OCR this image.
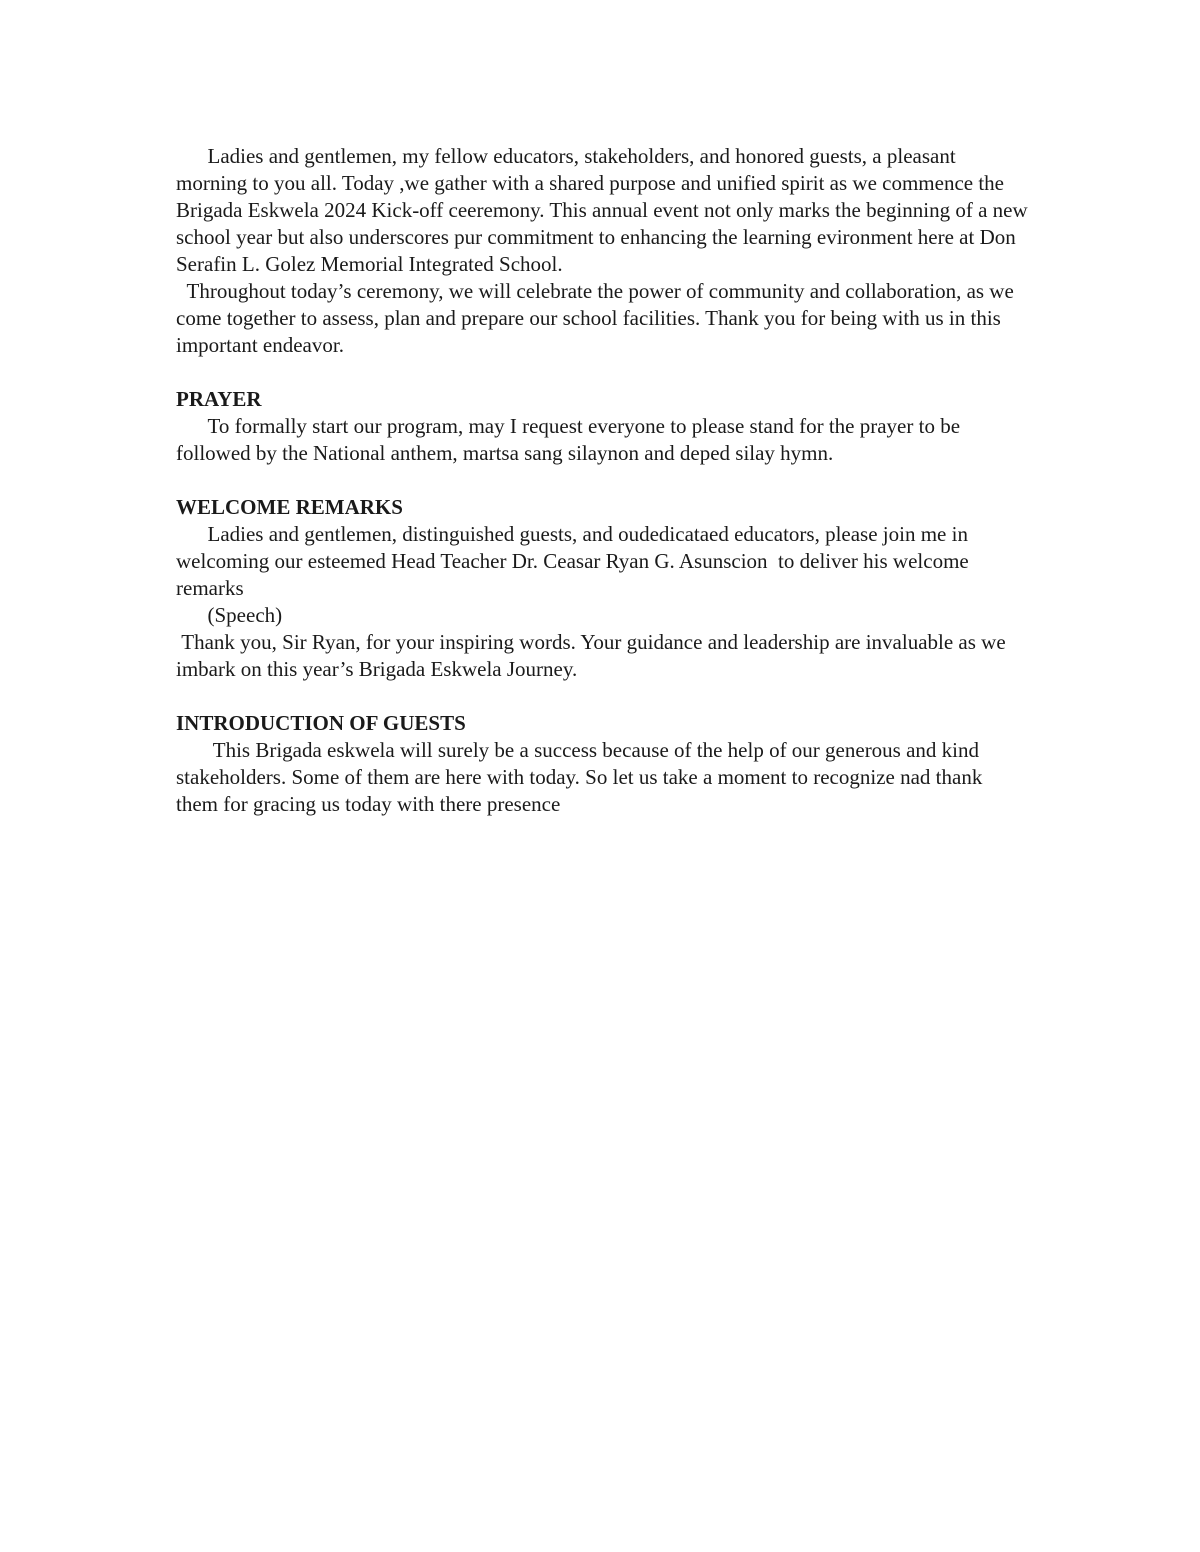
Ladies and gentlemen, my fellow educators, stakeholders, and honored guests, a pleasant morning to you all. Today ,we gather with a shared purpose and unified spirit as we commence the Brigada Eskwela 2024 Kick-off ceeremony. This annual event not only marks the beginning of a new school year but also underscores pur commitment to enhancing the learning evironment here at Don Serafin L. Golez Memorial Integrated School.

Throughout today’s ceremony, we will celebrate the power of community and collaboration, as we come together to assess, plan and prepare our school facilities. Thank you for being with us in this important endeavor.

PRAYER

To formally start our program, may I request everyone to please stand for the prayer to be followed by the National anthem, martsa sang silaynon and deped silay hymn.

WELCOME REMARKS

Ladies and gentlemen, distinguished guests, and oudedicataed educators, please join me in welcoming our esteemed Head Teacher Dr. Ceasar Ryan G. Asunscion  to deliver his welcome remarks

(Speech)

Thank you, Sir Ryan, for your inspiring words. Your guidance and leadership are invaluable as we imbark on this year’s Brigada Eskwela Journey.

INTRODUCTION OF GUESTS

This Brigada eskwela will surely be a success because of the help of our generous and kind stakeholders. Some of them are here with today. So let us take a moment to recognize nad thank them for gracing us today with there presence
